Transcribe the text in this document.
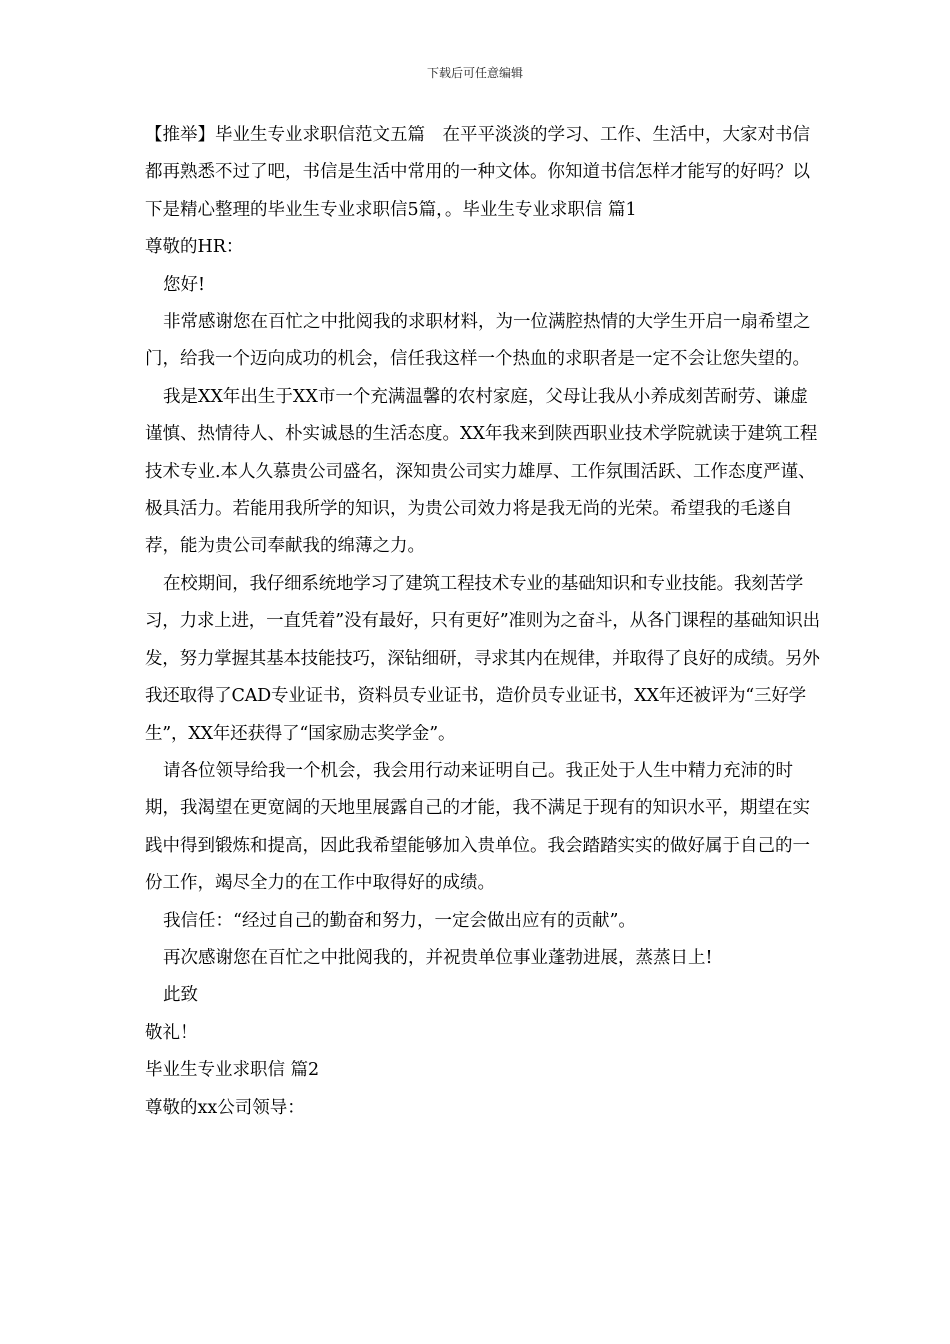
下载后可任意编辑

【推举】毕业生专业求职信范文五篇　在平平淡淡的学习、工作、生活中，大家对书信都再熟悉不过了吧，书信是生活中常用的一种文体。你知道书信怎样才能写的好吗？以下是精心整理的毕业生专业求职信5篇，。毕业生专业求职信 篇1

尊敬的HR：

您好!

非常感谢您在百忙之中批阅我的求职材料，为一位满腔热情的大学生开启一扇希望之门，给我一个迈向成功的机会，信任我这样一个热血的求职者是一定不会让您失望的。

我是XX年出生于XX市一个充满温馨的农村家庭，父母让我从小养成刻苦耐劳、谦虚谨慎、热情待人、朴实诚恳的生活态度。XX年我来到陕西职业技术学院就读于建筑工程技术专业.本人久慕贵公司盛名，深知贵公司实力雄厚、工作氛围活跃、工作态度严谨、极具活力。若能用我所学的知识，为贵公司效力将是我无尚的光荣。希望我的毛遂自荐，能为贵公司奉献我的绵薄之力。

在校期间，我仔细系统地学习了建筑工程技术专业的基础知识和专业技能。我刻苦学习，力求上进，一直凭着”没有最好，只有更好”准则为之奋斗，从各门课程的基础知识出发，努力掌握其基本技能技巧，深钻细研，寻求其内在规律，并取得了良好的成绩。另外我还取得了CAD专业证书，资料员专业证书，造价员专业证书，XX年还被评为“三好学生”，XX年还获得了“国家励志奖学金”。

请各位领导给我一个机会，我会用行动来证明自己。我正处于人生中精力充沛的时期，我渴望在更宽阔的天地里展露自己的才能，我不满足于现有的知识水平，期望在实践中得到锻炼和提高，因此我希望能够加入贵单位。我会踏踏实实的做好属于自己的一份工作，竭尽全力的在工作中取得好的成绩。

我信任：“经过自己的勤奋和努力，一定会做出应有的贡献”。

再次感谢您在百忙之中批阅我的，并祝贵单位事业蓬勃进展，蒸蒸日上!

此致

敬礼！

毕业生专业求职信 篇2

尊敬的xx公司领导：
